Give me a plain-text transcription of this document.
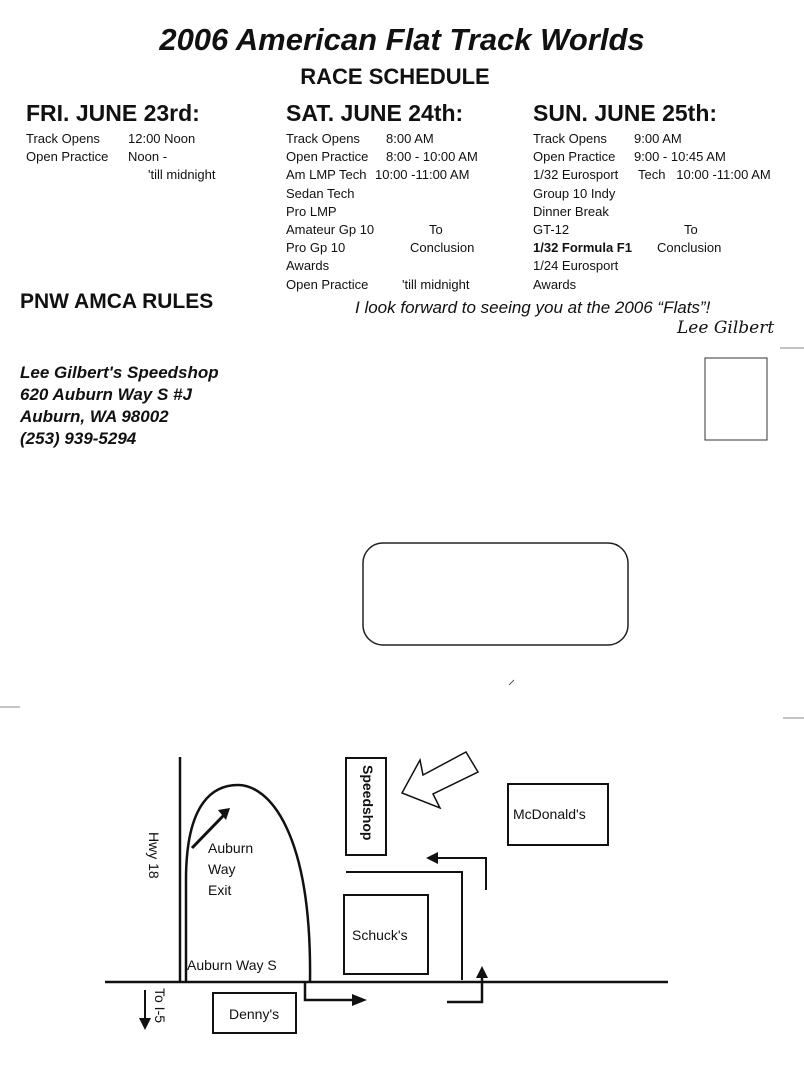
2006 American Flat Track Worlds
RACE SCHEDULE
FRI. JUNE 23rd:
Track Opens 12:00 Noon
Open Practice Noon -
'till midnight
SAT. JUNE 24th:
Track Opens 8:00 AM
Open Practice 8:00 - 10:00 AM
Am LMP Tech 10:00 -11:00 AM
Sedan Tech
Pro LMP
Amateur Gp 10	To
Pro Gp 10	Conclusion
Awards
Open Practice	'till midnight
SUN. JUNE 25th:
Track Opens 9:00 AM
Open Practice 9:00 - 10:45 AM
1/32 Eurosport Tech   10:00 -11:00 AM
Group 10 Indy
Dinner Break
GT-12	To
1/32 Formula F1 Conclusion
1/24 Eurosport
Awards
PNW AMCA RULES	I look forward to seeing you at the 2006 “Flats”!
Lee Gilbert
Lee Gilbert's Speedshop
620 Auburn Way S #J
Auburn, WA 98002
(253) 939-5294
Hwy 18	Auburn
Way
Exit
Auburn Way S
To I-5
Speedshop	McDonald's
Schuck's
Denny's
